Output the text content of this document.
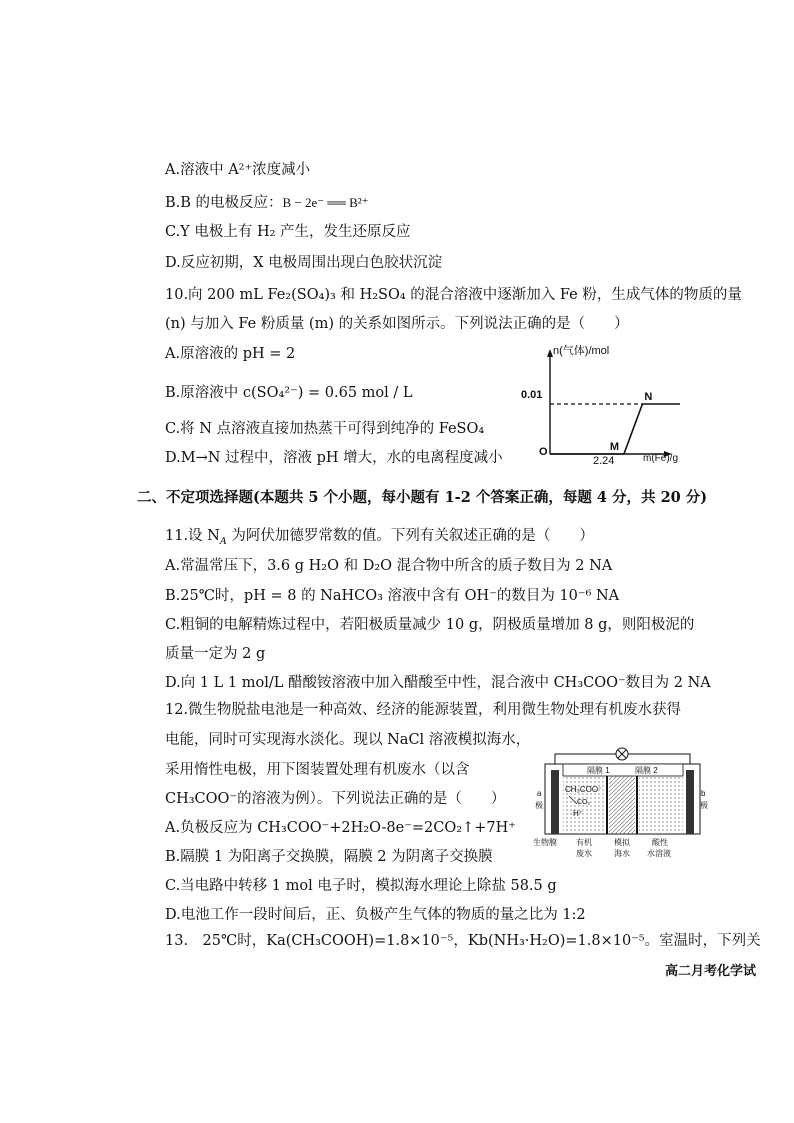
A.溶液中 A²⁺浓度减小
B.B 的电极反应：B − 2e⁻ ══ B²⁺
C.Y 电极上有 H₂ 产生，发生还原反应
D.反应初期，X 电极周围出现白色胶状沉淀
10.向 200 mL Fe₂(SO₄)₃ 和 H₂SO₄ 的混合溶液中逐渐加入 Fe 粉，生成气体的物质的量
(n) 与加入 Fe 粉质量 (m) 的关系如图所示。下列说法正确的是（　　）
A.原溶液的 pH = 2
B.原溶液中 c(SO₄²⁻) = 0.65 mol / L
C.将 N 点溶液直接加热蒸干可得到纯净的 FeSO₄
D.M→N 过程中，溶液 pH 增大，水的电离程度减小
n(气体)/mol
m(Fe)/g
O
0.01
2.24
M
N
二、不定项选择题(本题共 5 个小题，每小题有 1-2 个答案正确，每题 4 分，共 20 分)
11.设 $N_A$ 为阿伏加德罗常数的值。下列有关叙述正确的是（　　）
A.常温常压下，3.6 g H₂O 和 D₂O 混合物中所含的质子数目为 2 NA
B.25℃时，pH = 8 的 NaHCO₃ 溶液中含有 OH⁻的数目为 10⁻⁶ NA
C.粗铜的电解精炼过程中，若阳极质量减少 10 g，阴极质量增加 8 g，则阳极泥的
质量一定为 2 g
D.向 1 L 1 mol/L 醋酸铵溶液中加入醋酸至中性，混合液中 CH₃COO⁻数目为 2 NA
12.微生物脱盐电池是一种高效、经济的能源装置，利用微生物处理有机废水获得
电能，同时可实现海水淡化。现以 NaCl 溶液模拟海水，
采用惰性电极，用下图装置处理有机废水（以含
CH₃COO⁻的溶液为例）。下列说法正确的是（　　）
A.负极反应为 CH₃COO⁻+2H₂O-8e⁻=2CO₂↑+7H⁺
B.隔膜 1 为阳离子交换膜，隔膜 2 为阴离子交换膜
C.当电路中转移 1 mol 电子时，模拟海水理论上除盐 58.5 g
D.电池工作一段时间后，正、负极产生气体的物质的量之比为 1:2
隔膜 1	隔膜 2
a
极
b
极
CH₃COO⁻
CO₂
H⁺
生物膜 有机
废水
模拟
海水
酸性
水溶液
13.　25℃时，Ka(CH₃COOH)=1.8×10⁻⁵，Kb(NH₃·H₂O)=1.8×10⁻⁵。室温时，下列关
高二月考化学试
